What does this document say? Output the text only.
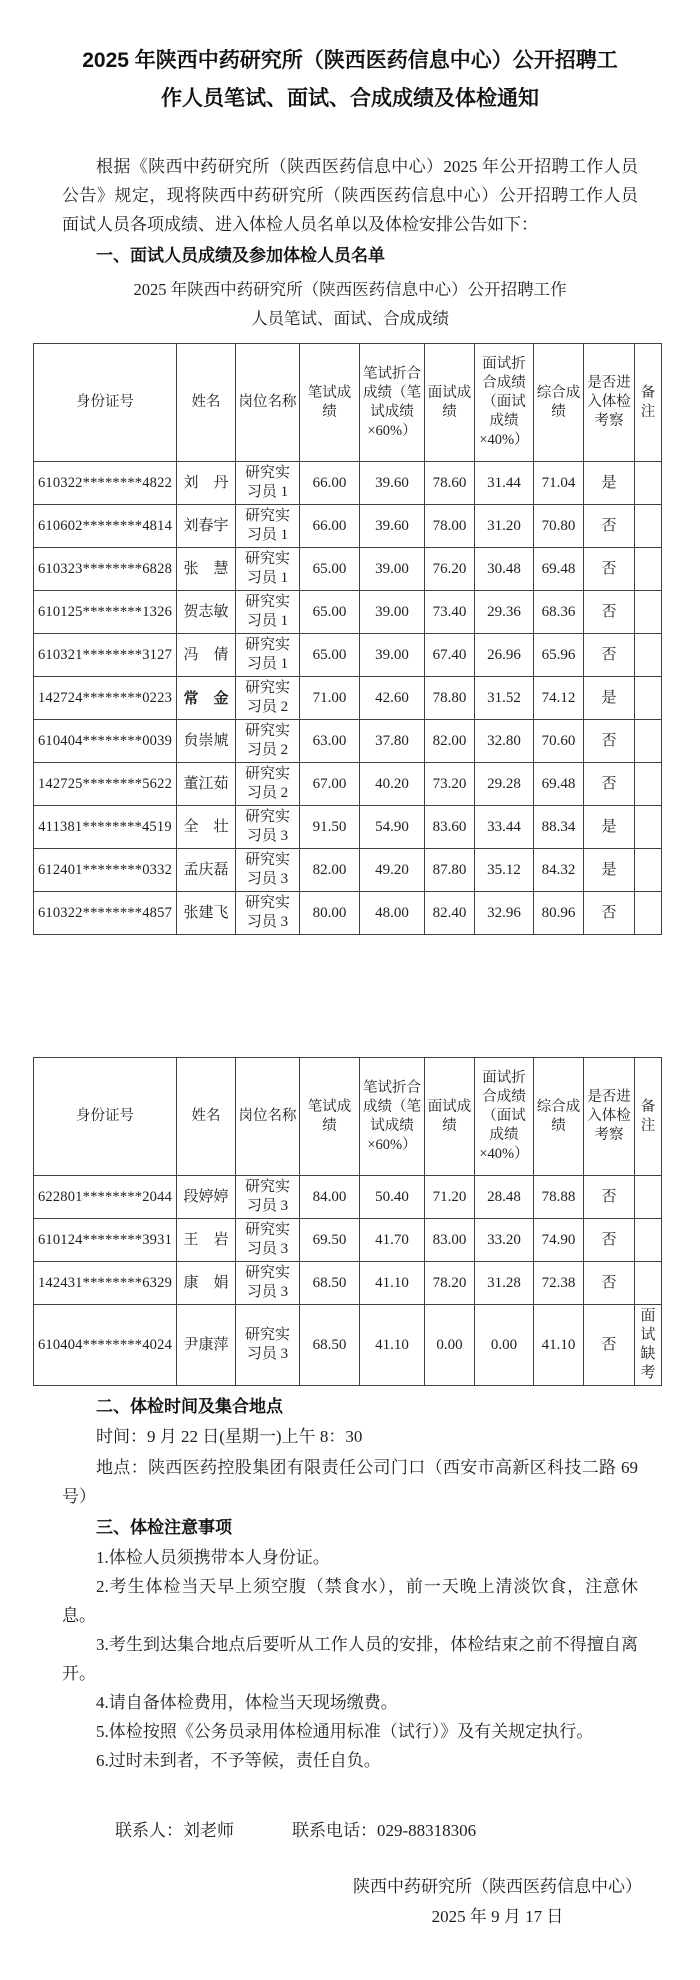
2025 年陕西中药研究所（陕西医药信息中心）公开招聘工
作人员笔试、面试、合成成绩及体检通知

根据《陕西中药研究所（陕西医药信息中心）2025 年公开招聘工作人员公告》规定，现将陕西中药研究所（陕西医药信息中心）公开招聘工作人员面试人员各项成绩、进入体检人员名单以及体检安排公告如下：

一、面试人员成绩及参加体检人员名单
2025 年陕西中药研究所（陕西医药信息中心）公开招聘工作
人员笔试、面试、合成成绩
身份证号	姓名	岗位名称	笔试成绩	笔试折合成绩（笔试成绩×60%）	面试成绩	面试折合成绩（面试成绩×40%）	综合成绩	是否进入体检考察	备注
610322********4822	刘　丹	研究实习员 1	66.00	39.60	78.60	31.44	71.04	是	
610602********4814	刘春宇	研究实习员 1	66.00	39.60	78.00	31.20	70.80	否	
610323********6828	张　慧	研究实习员 1	65.00	39.00	76.20	30.48	69.48	否	
610125********1326	贺志敏	研究实习员 1	65.00	39.00	73.40	29.36	68.36	否	
610321********3127	冯　倩	研究实习员 1	65.00	39.00	67.40	26.96	65.96	否	
142724********0223	常　金	研究实习员 2	71.00	42.60	78.80	31.52	74.12	是	
610404********0039	贠崇虓	研究实习员 2	63.00	37.80	82.00	32.80	70.60	否	
142725********5622	董江茹	研究实习员 2	67.00	40.20	73.20	29.28	69.48	否	
411381********4519	全　壮	研究实习员 3	91.50	54.90	83.60	33.44	88.34	是	
612401********0332	孟庆磊	研究实习员 3	82.00	49.20	87.80	35.12	84.32	是	
610322********4857	张建飞	研究实习员 3	80.00	48.00	82.40	32.96	80.96	否	
身份证号	姓名	岗位名称	笔试成绩	笔试折合成绩（笔试成绩×60%）	面试成绩	面试折合成绩（面试成绩×40%）	综合成绩	是否进入体检考察	备注
622801********2044	段婷婷	研究实习员 3	84.00	50.40	71.20	28.48	78.88	否	
610124********3931	王　岩	研究实习员 3	69.50	41.70	83.00	33.20	74.90	否	
142431********6329	康　娟	研究实习员 3	68.50	41.10	78.20	31.28	72.38	否	
610404********4024	尹康萍	研究实习员 3	68.50	41.10	0.00	0.00	41.10	否	面试缺考
二、体检时间及集合地点

时间：9 月 22 日(星期一)上午 8：30

地点：陕西医药控股集团有限责任公司门口（西安市高新区科技二路 69 号）

三、体检注意事项

1.体检人员须携带本人身份证。

2.考生体检当天早上须空腹（禁食水），前一天晚上清淡饮食，注意休息。

3.考生到达集合地点后要听从工作人员的安排，体检结束之前不得擅自离开。

4.请自备体检费用，体检当天现场缴费。

5.体检按照《公务员录用体检通用标准（试行）》及有关规定执行。

6.过时未到者，不予等候，责任自负。

联系人：刘老师	联系电话：029-88318306
陕西中药研究所（陕西医药信息中心）
2025 年 9 月 17 日
